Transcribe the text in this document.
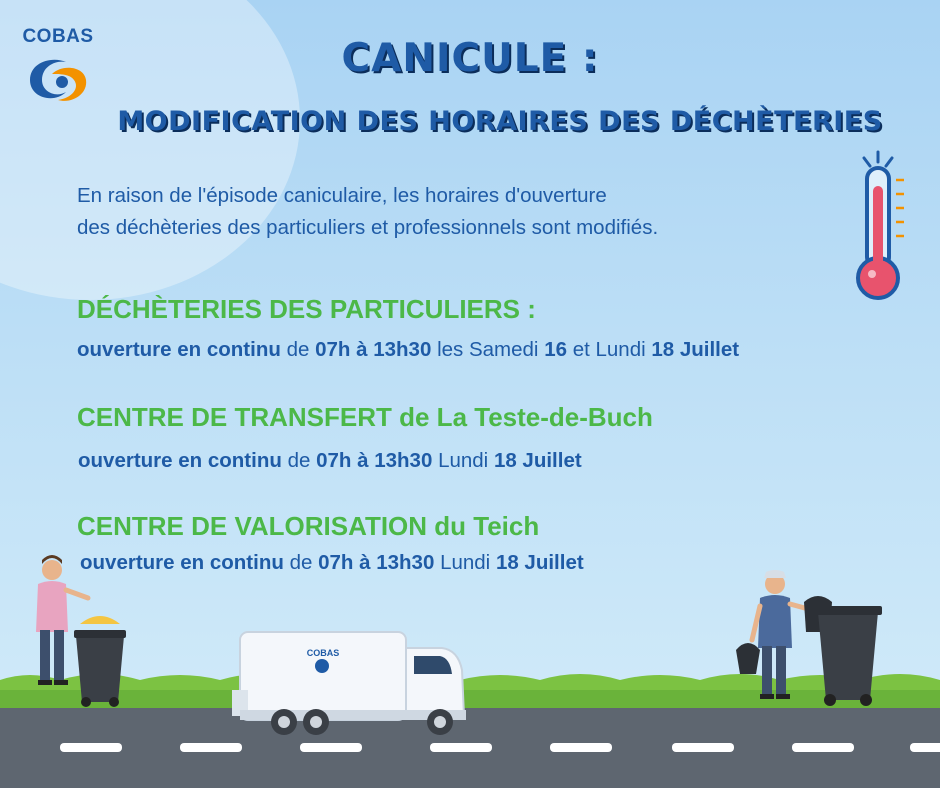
COBAS	CANICULE :
MODIFICATION DES HORAIRES DES DÉCHÈTERIES

En raison de l'épisode caniculaire, les horaires d'ouverture

des déchèteries des particuliers et professionnels sont modifiés.

DÉCHÈTERIES DES PARTICULIERS :
ouverture en continu de 07h à 13h30 les Samedi 16 et Lundi 18 Juillet
CENTRE DE TRANSFERT de La Teste-de-Buch
ouverture en continu de 07h à 13h30 Lundi 18 Juillet
CENTRE DE VALORISATION du Teich
ouverture en continu de 07h à 13h30 Lundi 18 Juillet
COBAS
